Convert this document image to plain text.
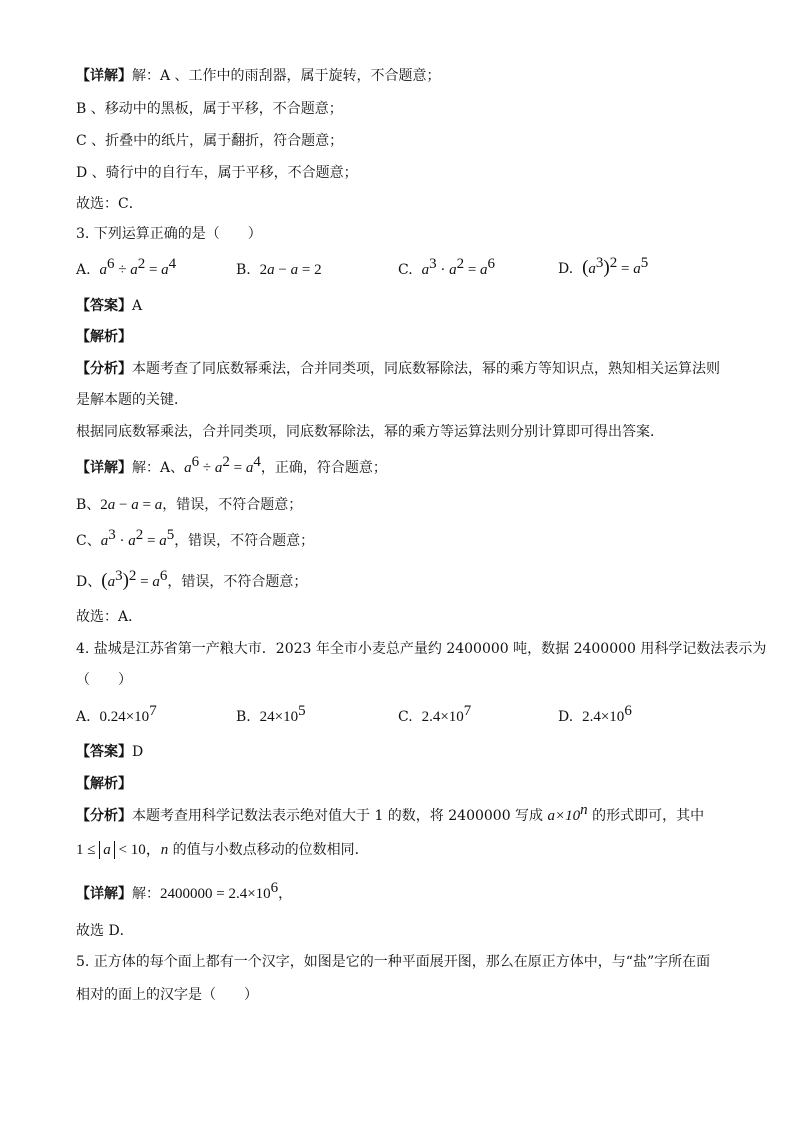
【详解】解：A 、工作中的雨刮器，属于旋转，不合题意；
B 、移动中的黑板，属于平移，不合题意；
C 、折叠中的纸片，属于翻折，符合题意；
D 、骑行中的自行车，属于平移，不合题意；
故选：C．
3. 下列运算正确的是（　　）
A. $a^6 \div a^2 = a^4$	B. 2a − a = 2	C. $a^3 \cdot a^2 = a^6$	D. $(a^3)^2 = a^5$
【答案】A
【解析】
【分析】本题考查了同底数幂乘法，合并同类项，同底数幂除法，幂的乘方等知识点，熟知相关运算法则
是解本题的关键．
根据同底数幂乘法，合并同类项，同底数幂除法，幂的乘方等运算法则分别计算即可得出答案．
【详解】解：A、$a^6 \div a^2 = a^4$，正确，符合题意；
B、2a − a = a，错误，不符合题意；
C、$a^3 \cdot a^2 = a^5$，错误，不符合题意；
D、$(a^3)^2 = a^6$，错误，不符合题意；
故选：A．
4. 盐城是江苏省第一产粮大市．2023 年全市小麦总产量约 2400000 吨，数据 2400000 用科学记数法表示为
（　　）
A. $0.24\times 10^7$	B. $24\times 10^5$	C. $2.4\times 10^7$	D. $2.4\times 10^6$
【答案】D
【解析】
【分析】本题考查用科学记数法表示绝对值大于 1 的数，将 2400000 写成 $a\times 10^n$ 的形式即可，其中
1 ≤ a < 10，n 的值与小数点移动的位数相同．
【详解】解：$2400000 = 2.4\times 10^6$，
故选 D．
5. 正方体的每个面上都有一个汉字，如图是它的一种平面展开图，那么在原正方体中，与“盐”字所在面
相对的面上的汉字是（　　）
